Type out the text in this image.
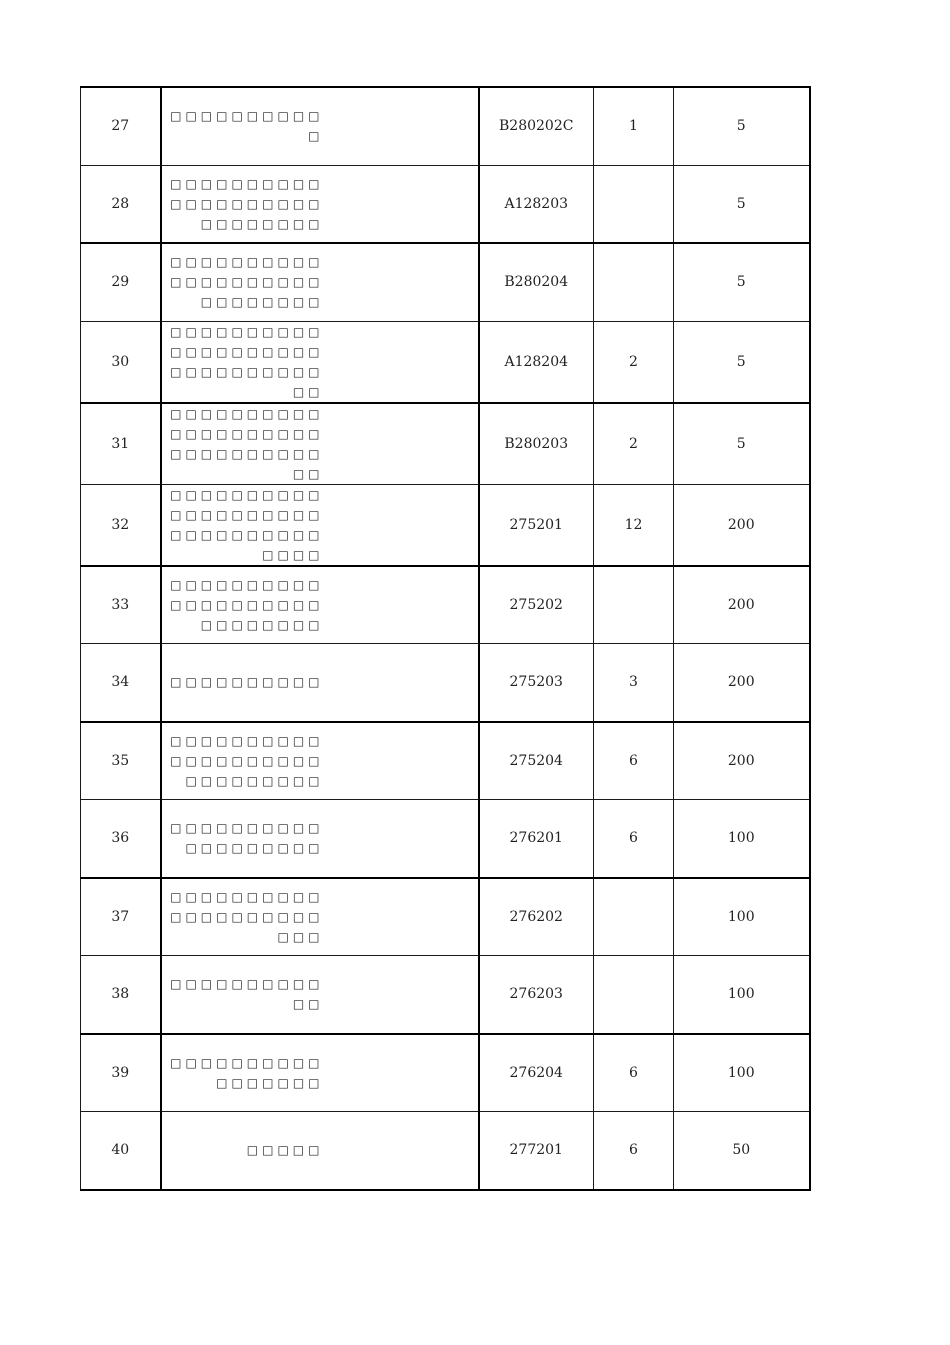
27	□□□□□□□□□□□	B280202C	1	5
28	□□□□□□□□□□□□□□□□□□□□□□□□□□□□	A128203		5
29	□□□□□□□□□□□□□□□□□□□□□□□□□□□□	B280204		5
30	□□□□□□□□□□□□□□□□□□□□□□□□□□□□□□□□	A128204	2	5
31	□□□□□□□□□□□□□□□□□□□□□□□□□□□□□□□□	B280203	2	5
32	□□□□□□□□□□□□□□□□□□□□□□□□□□□□□□□□□□	275201	12	200
33	□□□□□□□□□□□□□□□□□□□□□□□□□□□□	275202		200
34	□□□□□□□□□□	275203	3	200
35	□□□□□□□□□□□□□□□□□□□□□□□□□□□□□	275204	6	200
36	□□□□□□□□□□□□□□□□□□□	276201	6	100
37	□□□□□□□□□□□□□□□□□□□□□□□	276202		100
38	□□□□□□□□□□□□	276203		100
39	□□□□□□□□□□□□□□□□□	276204	6	100
40	□□□□□	277201	6	50
